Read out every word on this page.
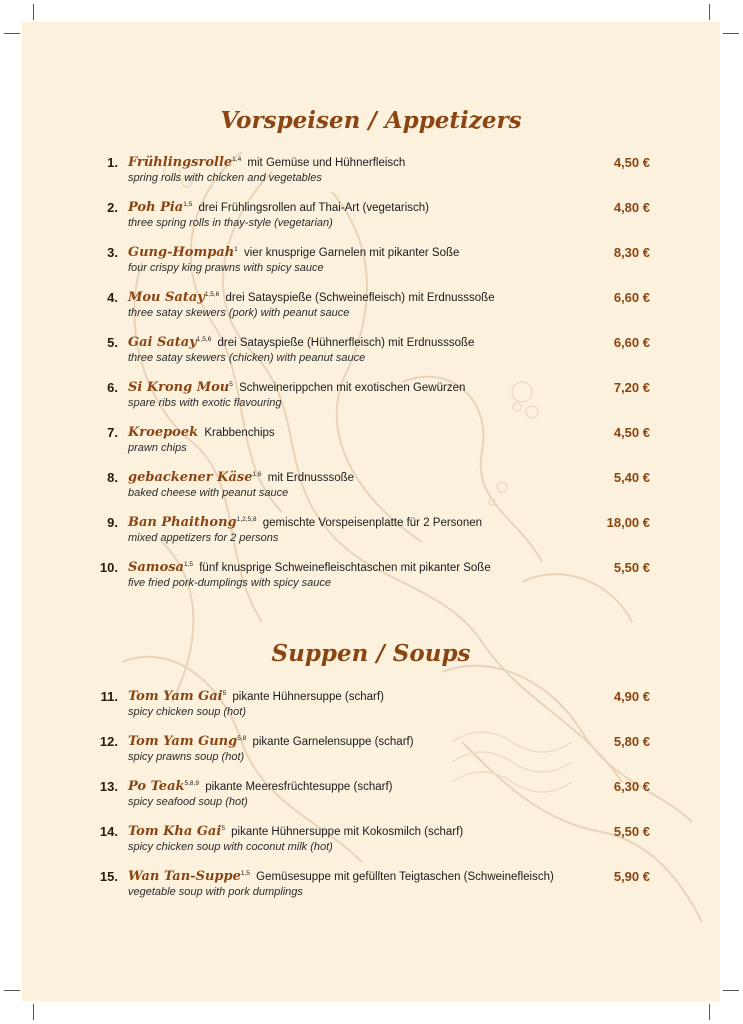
Vorspeisen / Appetizers
1. Frühlingsrolle$^{1,4}$ mit Gemüse und Hühnerfleisch
spring rolls with chicken and vegetables
4,50 €
2. Poh Pia$^{1,5}$ drei Frühlingsrollen auf Thai-Art (vegetarisch)
three spring rolls in thay-style (vegetarian)
4,80 €
3. Gung-Hompah$^1$ vier knusprige Garnelen mit pikanter Soße
four crispy king prawns with spicy sauce
8,30 €
4. Mou Satay$^{1,5,6}$ drei Satayspieße (Schweinefleisch) mit Erdnusssoße
three satay skewers (pork) with peanut sauce
6,60 €
5. Gai Satay$^{1,5,6}$ drei Satayspieße (Hühnerfleisch) mit Erdnusssoße
three satay skewers (chicken) with peanut sauce
6,60 €
6. Si Krong Mou$^5$ Schweinerippchen mit exotischen Gewürzen
spare ribs with exotic flavouring
7,20 €
7. Kroepoek Krabbenchips
prawn chips
4,50 €
8. gebackener Käse$^{1,6}$ mit Erdnusssoße
baked cheese with peanut sauce
5,40 €
9. Ban Phaithong$^{1,2,5,8}$ gemischte Vorspeisenplatte für 2 Personen
mixed appetizers for 2 persons
18,00 €
10. Samosa$^{1,5}$ fünf knusprige Schweinefleischtaschen mit pikanter Soße
five fried pork-dumplings with spicy sauce
5,50 €
Suppen / Soups
11. Tom Yam Gai$^5$ pikante Hühnersuppe (scharf)
spicy chicken soup (hot)
4,90 €
12. Tom Yam Gung$^{5,8}$ pikante Garnelensuppe (scharf)
spicy prawns soup (hot)
5,80 €
13. Po Teak$^{5,8,9}$ pikante Meeresfrüchtesuppe (scharf)
spicy seafood soup (hot)
6,30 €
14. Tom Kha Gai$^5$ pikante Hühnersuppe mit Kokosmilch (scharf)
spicy chicken soup with coconut milk (hot)
5,50 €
15. Wan Tan-Suppe$^{1,5}$ Gemüsesuppe mit gefüllten Teigtaschen (Schweinefleisch)
vegetable soup with pork dumplings
5,90 €
